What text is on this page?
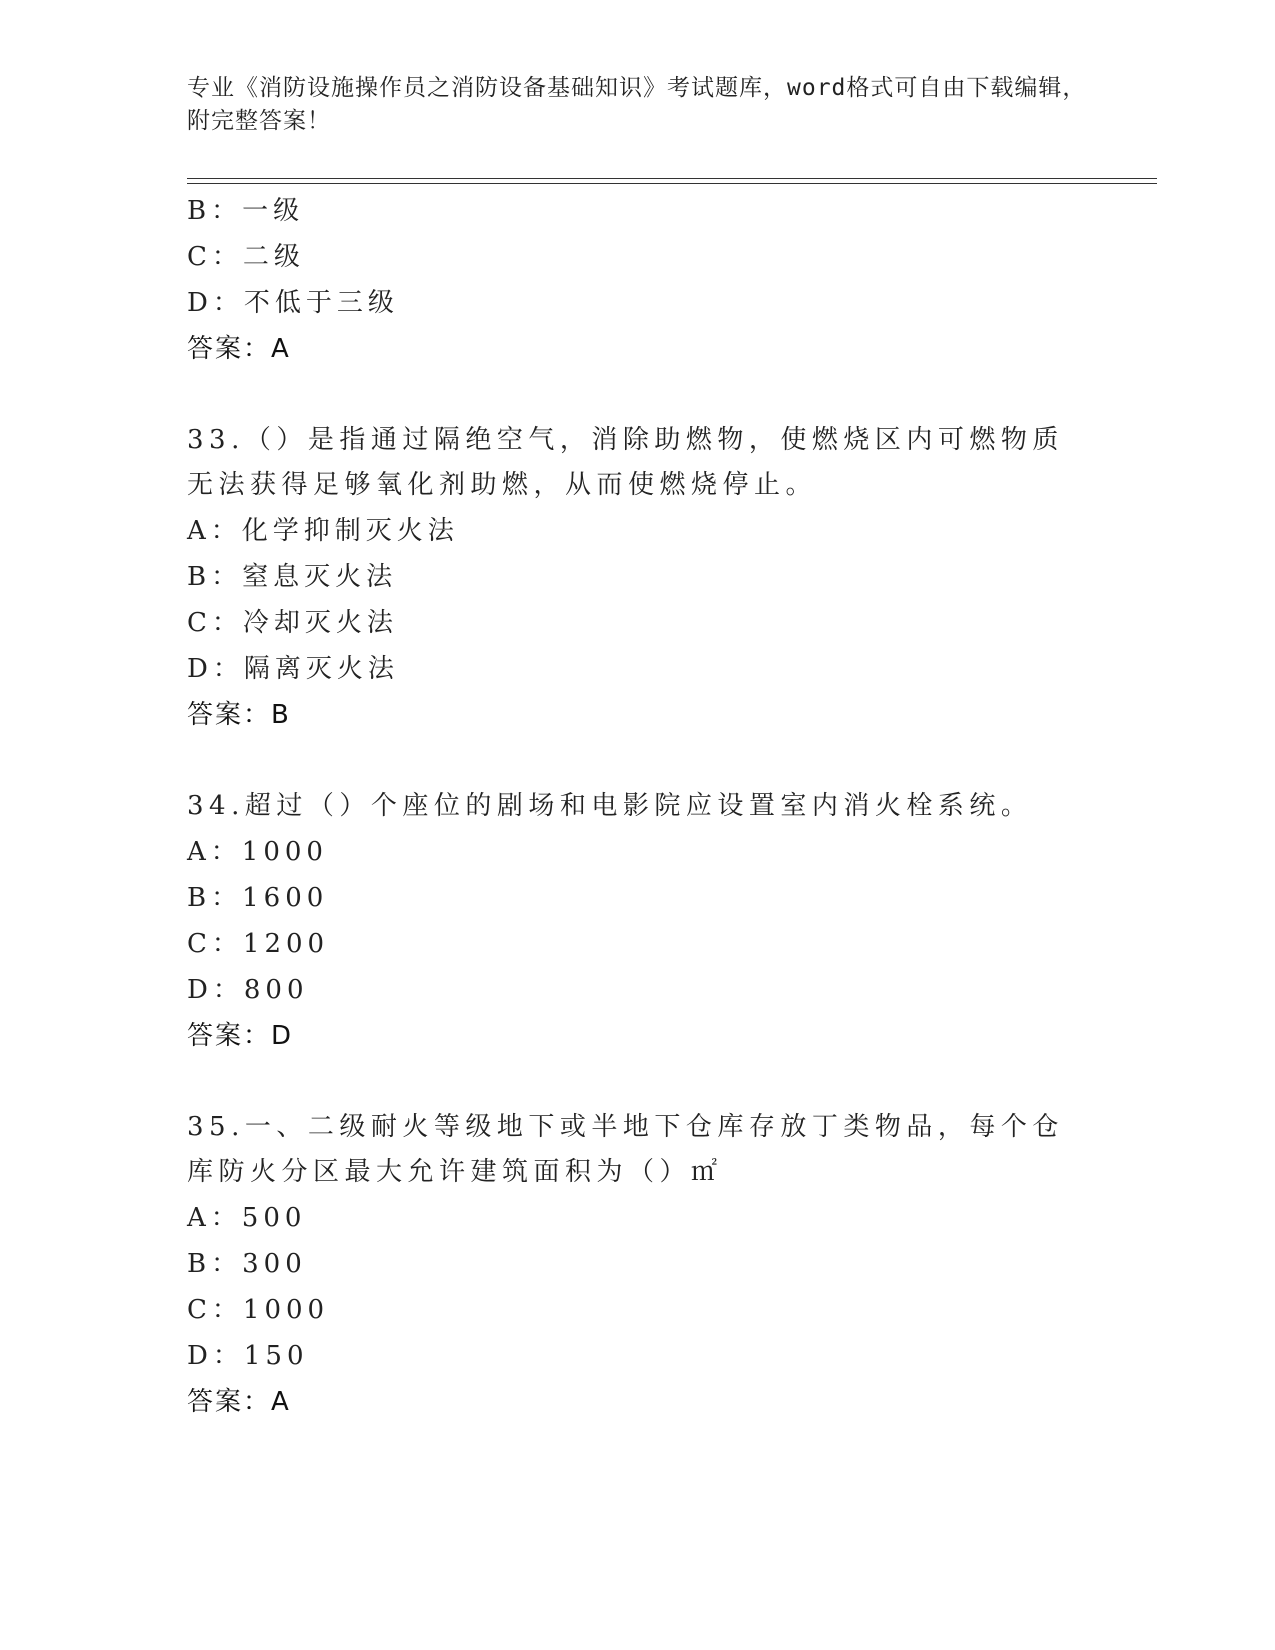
专业《消防设施操作员之消防设备基础知识》考试题库，word格式可自由下载编辑，附完整答案！
B：一级
C：二级
D：不低于三级
答案：A
33.（）是指通过隔绝空气，消除助燃物，使燃烧区内可燃物质无法获得足够氧化剂助燃，从而使燃烧停止。
A：化学抑制灭火法
B：窒息灭火法
C：冷却灭火法
D：隔离灭火法
答案：B
34.超过（）个座位的剧场和电影院应设置室内消火栓系统。
A：1000
B：1600
C：1200
D：800
答案：D
35.一、二级耐火等级地下或半地下仓库存放丁类物品，每个仓库防火分区最大允许建筑面积为（）㎡
A：500
B：300
C：1000
D：150
答案：A
